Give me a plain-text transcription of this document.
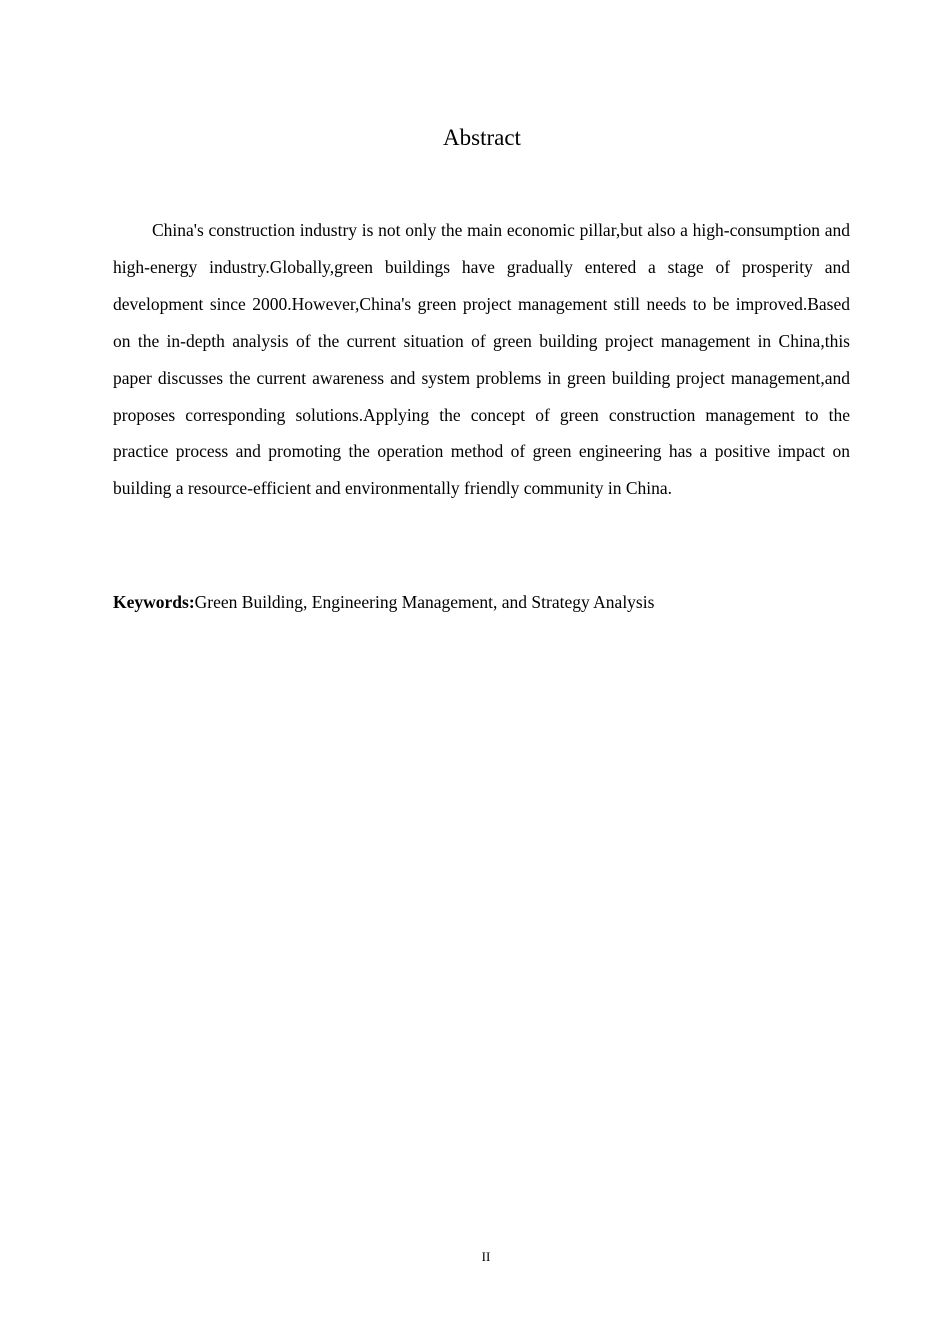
Abstract

China's construction industry is not only the main economic pillar,but also a high-consumption and high-energy industry.Globally,green buildings have gradually entered a stage of prosperity and development since 2000.However,China's green project management still needs to be improved.Based on the in-depth analysis of the current situation of green building project management in China,this paper discusses the current awareness and system problems in green building project management,and proposes corresponding solutions.Applying the concept of green construction management to the practice process and promoting the operation method of green engineering has a positive impact on building a resource-efficient and environmentally friendly community in China.

Keywords:Green Building, Engineering Management, and Strategy Analysis

II
